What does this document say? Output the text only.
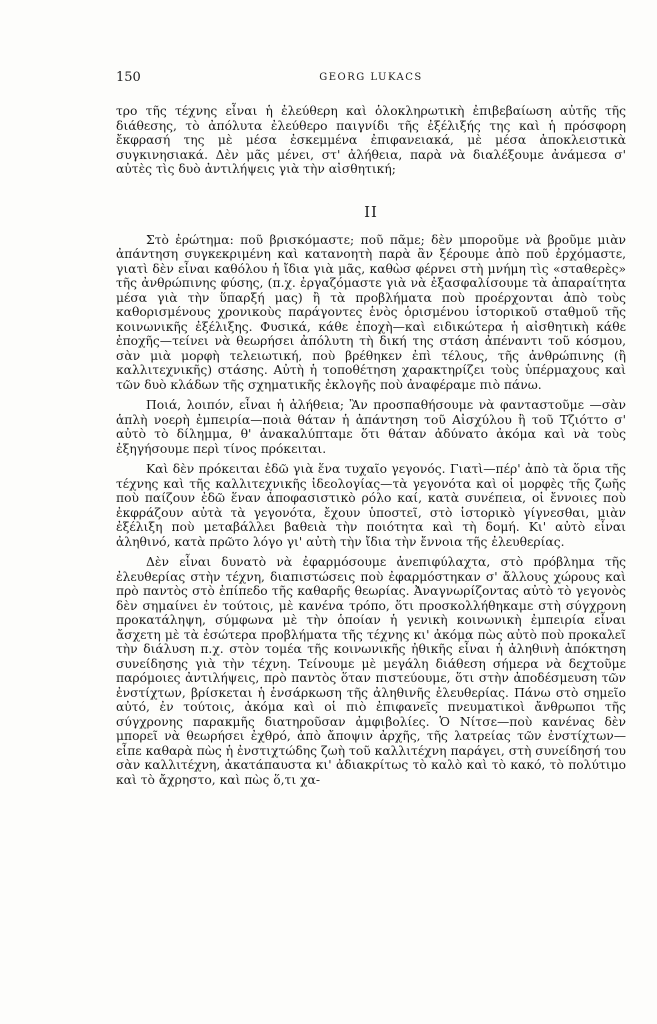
150	GEORG LUKACS

τρο τῆς τέχνης εἶναι ἡ ἐλεύθερη καὶ ὁλοκληρωτικὴ ἐπιβεβαίωση αὐτῆς τῆς διάθεσης, τὸ ἀπόλυτα ἐλεύθερο παιγνίδι τῆς ἐξέλιξής της καὶ ἡ πρόσφορη ἔκφρασή της μὲ μέσα ἐσκεμμένα ἐπιφανειακά, μὲ μέσα ἀποκλειστικὰ συγκινησιακά. Δὲν μᾶς μένει, στ' ἀλήθεια, παρὰ νὰ διαλέξουμε ἀνάμεσα σ' αὐτὲς τὶς δυὸ ἀντιλήψεις γιὰ τὴν αἰσθητική;

II

Στὸ ἐρώτημα: ποῦ βρισκόμαστε; ποῦ πᾶμε; δὲν μποροῦμε νὰ βροῦμε μιὰν ἀπάντηση συγκεκριμένη καὶ κατανοητὴ παρὰ ἂν ξέρουμε ἀπὸ ποῦ ἐρχόμαστε, γιατὶ δὲν εἶναι καθόλου ἡ ἴδια γιὰ μᾶς, καθὼσ φέρνει στὴ μνήμη τὶς «σταθερὲς» τῆς ἀνθρώπινης φύσης, (π.χ. ἐργαζόμαστε γιὰ νὰ ἐξασφαλίσουμε τὰ ἀπαραίτητα μέσα γιὰ τὴν ὕπαρξή μας) ἢ τὰ προβλήματα ποὺ προέρχονται ἀπὸ τοὺς καθορισμένους χρονικοὺς παράγοντες ἑνὸς ὁρισμένου ἱστορικοῦ σταθμοῦ τῆς κοινωνικῆς ἐξέλιξης. Φυσικά, κάθε ἐποχὴ—καὶ ειδικώτερα ἡ αἰσθητικὴ κάθε ἐποχῆς—τείνει νὰ θεωρήσει ἀπόλυτη τὴ δική της στάση ἀπέναντι τοῦ κόσμου, σὰν μιὰ μορφὴ τελειωτική, ποὺ βρέθηκεν ἐπὶ τέλους, τῆς ἀνθρώπινης (ἢ καλλιτεχνικῆς) στάσης. Αὐτὴ ἡ τοποθέτηση χαρακτηρίζει τοὺς ὑπέρμαχους καὶ τῶν δυὸ κλάδων τῆς σχηματικῆς ἐκλογῆς ποὺ ἀναφέραμε πιὸ πάνω.

Ποιά, λοιπόν, εἶναι ἡ ἀλήθεια; Ἂν προσπαθήσουμε νὰ φανταστοῦμε —σὰν ἁπλὴ νοερὴ ἐμπειρία—ποιὰ θάταν ἡ ἀπάντηση τοῦ Αἰσχύλου ἢ τοῦ Τζιόττο σ' αὐτὸ τὸ δίλημμα, θ' ἀνακαλύπταμε ὅτι θάταν ἀδύνατο ἀκόμα καὶ νὰ τοὺς ἐξηγήσουμε περὶ τίνος πρόκειται.

Καὶ δὲν πρόκειται ἐδῶ γιὰ ἕνα τυχαῖο γεγονός. Γιατὶ—πέρ' ἀπὸ τὰ ὅρια τῆς τέχνης καὶ τῆς καλλιτεχνικῆς ἰδεολογίας—τὰ γεγονότα καὶ οἱ μορφὲς τῆς ζωῆς ποὺ παίζουν ἐδῶ ἕναν ἀποφασιστικὸ ρόλο καί, κατὰ συνέπεια, οἱ ἔννοιες ποὺ ἐκφράζουν αὐτὰ τὰ γεγονότα, ἔχουν ὑποστεῖ, στὸ ἱστορικὸ γίγνεσθαι, μιὰν ἐξέλιξη ποὺ μεταβάλλει βαθειὰ τὴν ποιότητα καὶ τὴ δομή. Κι' αὐτὸ εἶναι ἀληθινό, κατὰ πρῶτο λόγο γι' αὐτὴ τὴν ἴδια τὴν ἔννοια τῆς ἐλευθερίας.

Δὲν εἶναι δυνατὸ νὰ ἐφαρμόσουμε ἀνεπιφύλαχτα, στὸ πρόβλημα τῆς ἐλευθερίας στὴν τέχνη, διαπιστώσεις ποὺ ἐφαρμόστηκαν σ' ἄλλους χώρους καὶ πρὸ παντὸς στὸ ἐπίπεδο τῆς καθαρῆς θεωρίας. Ἀναγνωρίζοντας αὐτὸ τὸ γεγονὸς δὲν σημαίνει ἐν τούτοις, μὲ κανένα τρόπο, ὅτι προσκολλήθηκαμε στὴ σύγχρονη προκατάληψη, σύμφωνα μὲ τὴν ὁποίαν ἡ γενικὴ κοινωνικὴ ἐμπειρία εἶναι ἄσχετη μὲ τὰ ἐσώτερα προβλήματα τῆς τέχνης κι' ἀκόμα πὼς αὐτὸ ποὺ προκαλεῖ τὴν διάλυση π.χ. στὸν τομέα τῆς κοινωνικῆς ἠθικῆς εἶναι ἡ ἀληθινὴ ἀπόκτηση συνείδησης γιὰ τὴν τέχνη. Τείνουμε μὲ μεγάλη διάθεση σήμερα νὰ δεχτοῦμε παρόμοιες ἀντιλήψεις, πρὸ παντὸς ὅταν πιστεύουμε, ὅτι στὴν ἀποδέσμευση τῶν ἐνστίχτων, βρίσκεται ἡ ἐνσάρκωση τῆς ἀληθινῆς ἐλευθερίας. Πάνω στὸ σημεῖο αὐτό, ἐν τούτοις, ἀκόμα καὶ οἱ πιὸ ἐπιφανεῖς πνευματικοὶ ἄνθρωποι τῆς σύγχρονης παρακμῆς διατηροῦσαν ἀμφιβολίες. Ὁ Νίτσε—ποὺ κανένας δὲν μπορεῖ νὰ θεωρήσει ἐχθρό, ἀπὸ ἄποψιν ἀρχῆς, τῆς λατρείας τῶν ἐνστίχτων—εἶπε καθαρὰ πὼς ἡ ἐνστιχτώδης ζωὴ τοῦ καλλιτέχνη παράγει, στὴ συνείδησή του σὰν καλλιτέχνη, ἀκατάπαυστα κι' ἀδιακρίτως τὸ καλὸ καὶ τὸ κακό, τὸ πολύτιμο καὶ τὸ ἄχρηστο, καὶ πὼς ὅ,τι χα-
